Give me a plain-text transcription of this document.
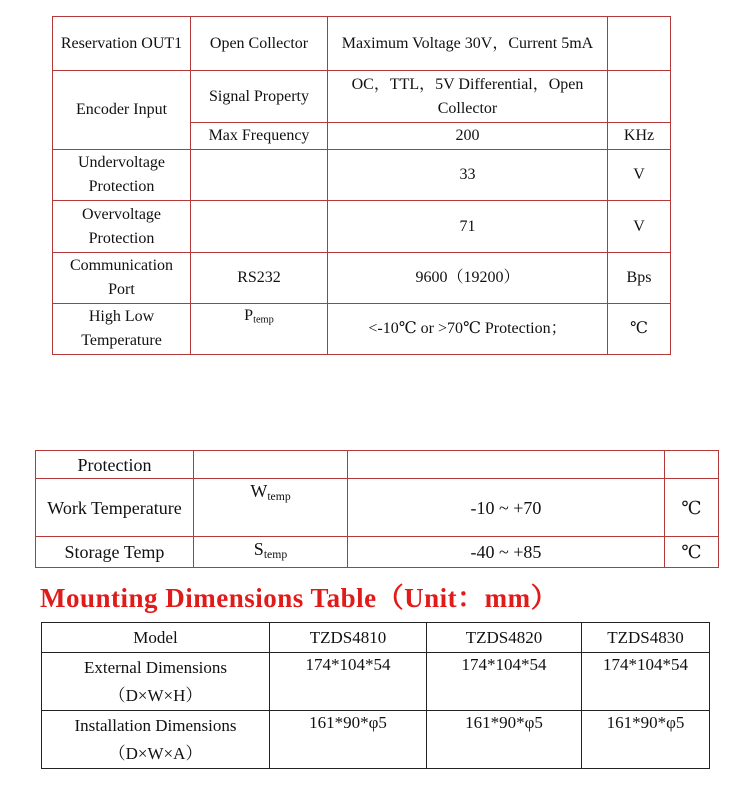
Reservation OUT1	Open Collector	Maximum Voltage 30V，Current 5mA	
Encoder Input	Signal Property	OC，TTL，5V Differential，Open Collector	
	Max Frequency	200	KHz
Undervoltage Protection		33	V
Overvoltage Protection		71	V
Communication Port	RS232	9600（19200）	Bps
High Low Temperature	$P_{temp}$	<-10℃ or >70℃ Protection；	℃
Protection			
Work Temperature	$W_{temp}$	-10 ~ +70	℃
Storage Temp	$S_{temp}$	-40 ~ +85	℃
Mounting Dimensions Table（Unit：mm）
Model	TZDS4810	TZDS4820	TZDS4830

External Dimensions
（D×W×H）	174*104*54	174*104*54	174*104*54

Installation Dimensions
（D×W×A）	161*90*φ5	161*90*φ5	161*90*φ5
